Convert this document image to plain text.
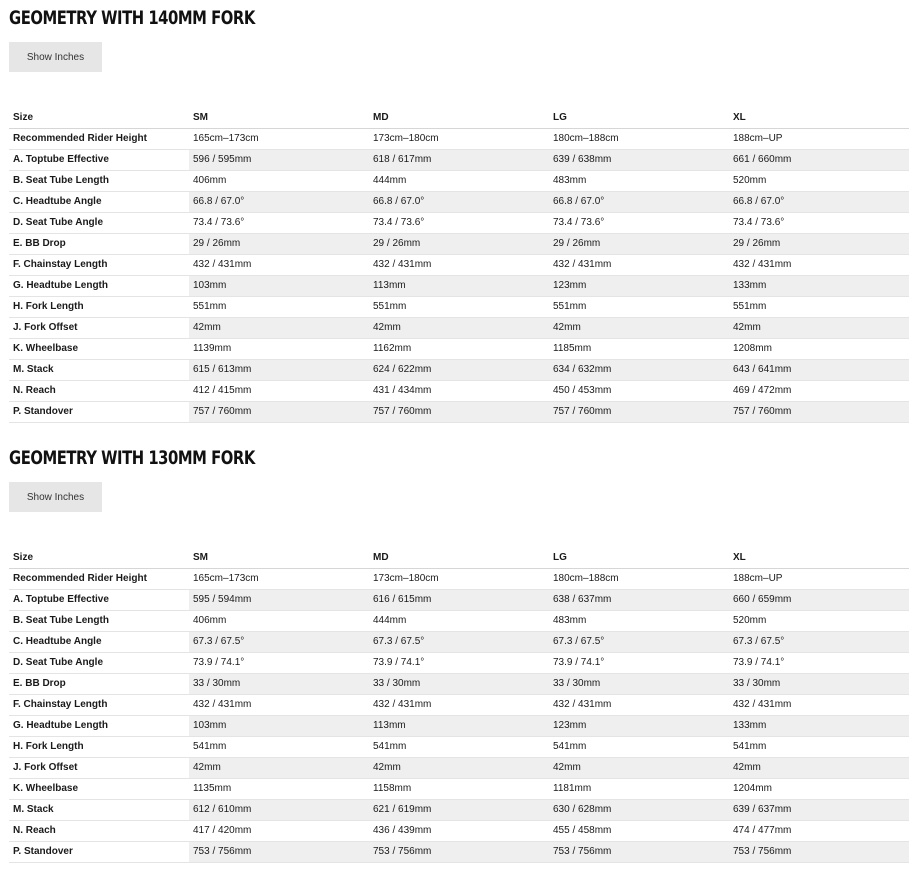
GEOMETRY WITH 140MM FORK
Show Inches
Size	SM	MD	LG	XL
Recommended Rider Height	165cm–173cm	173cm–180cm	180cm–188cm	188cm–UP
A. Toptube Effective	596 / 595mm	618 / 617mm	639 / 638mm	661 / 660mm
B. Seat Tube Length	406mm	444mm	483mm	520mm
C. Headtube Angle	66.8 / 67.0°	66.8 / 67.0°	66.8 / 67.0°	66.8 / 67.0°
D. Seat Tube Angle	73.4 / 73.6°	73.4 / 73.6°	73.4 / 73.6°	73.4 / 73.6°
E. BB Drop	29 / 26mm	29 / 26mm	29 / 26mm	29 / 26mm
F. Chainstay Length	432 / 431mm	432 / 431mm	432 / 431mm	432 / 431mm
G. Headtube Length	103mm	113mm	123mm	133mm
H. Fork Length	551mm	551mm	551mm	551mm
J. Fork Offset	42mm	42mm	42mm	42mm
K. Wheelbase	1139mm	1162mm	1185mm	1208mm
M. Stack	615 / 613mm	624 / 622mm	634 / 632mm	643 / 641mm
N. Reach	412 / 415mm	431 / 434mm	450 / 453mm	469 / 472mm
P. Standover	757 / 760mm	757 / 760mm	757 / 760mm	757 / 760mm
GEOMETRY WITH 130MM FORK
Show Inches
Size	SM	MD	LG	XL
Recommended Rider Height	165cm–173cm	173cm–180cm	180cm–188cm	188cm–UP
A. Toptube Effective	595 / 594mm	616 / 615mm	638 / 637mm	660 / 659mm
B. Seat Tube Length	406mm	444mm	483mm	520mm
C. Headtube Angle	67.3 / 67.5°	67.3 / 67.5°	67.3 / 67.5°	67.3 / 67.5°
D. Seat Tube Angle	73.9 / 74.1°	73.9 / 74.1°	73.9 / 74.1°	73.9 / 74.1°
E. BB Drop	33 / 30mm	33 / 30mm	33 / 30mm	33 / 30mm
F. Chainstay Length	432 / 431mm	432 / 431mm	432 / 431mm	432 / 431mm
G. Headtube Length	103mm	113mm	123mm	133mm
H. Fork Length	541mm	541mm	541mm	541mm
J. Fork Offset	42mm	42mm	42mm	42mm
K. Wheelbase	1135mm	1158mm	1181mm	1204mm
M. Stack	612 / 610mm	621 / 619mm	630 / 628mm	639 / 637mm
N. Reach	417 / 420mm	436 / 439mm	455 / 458mm	474 / 477mm
P. Standover	753 / 756mm	753 / 756mm	753 / 756mm	753 / 756mm
